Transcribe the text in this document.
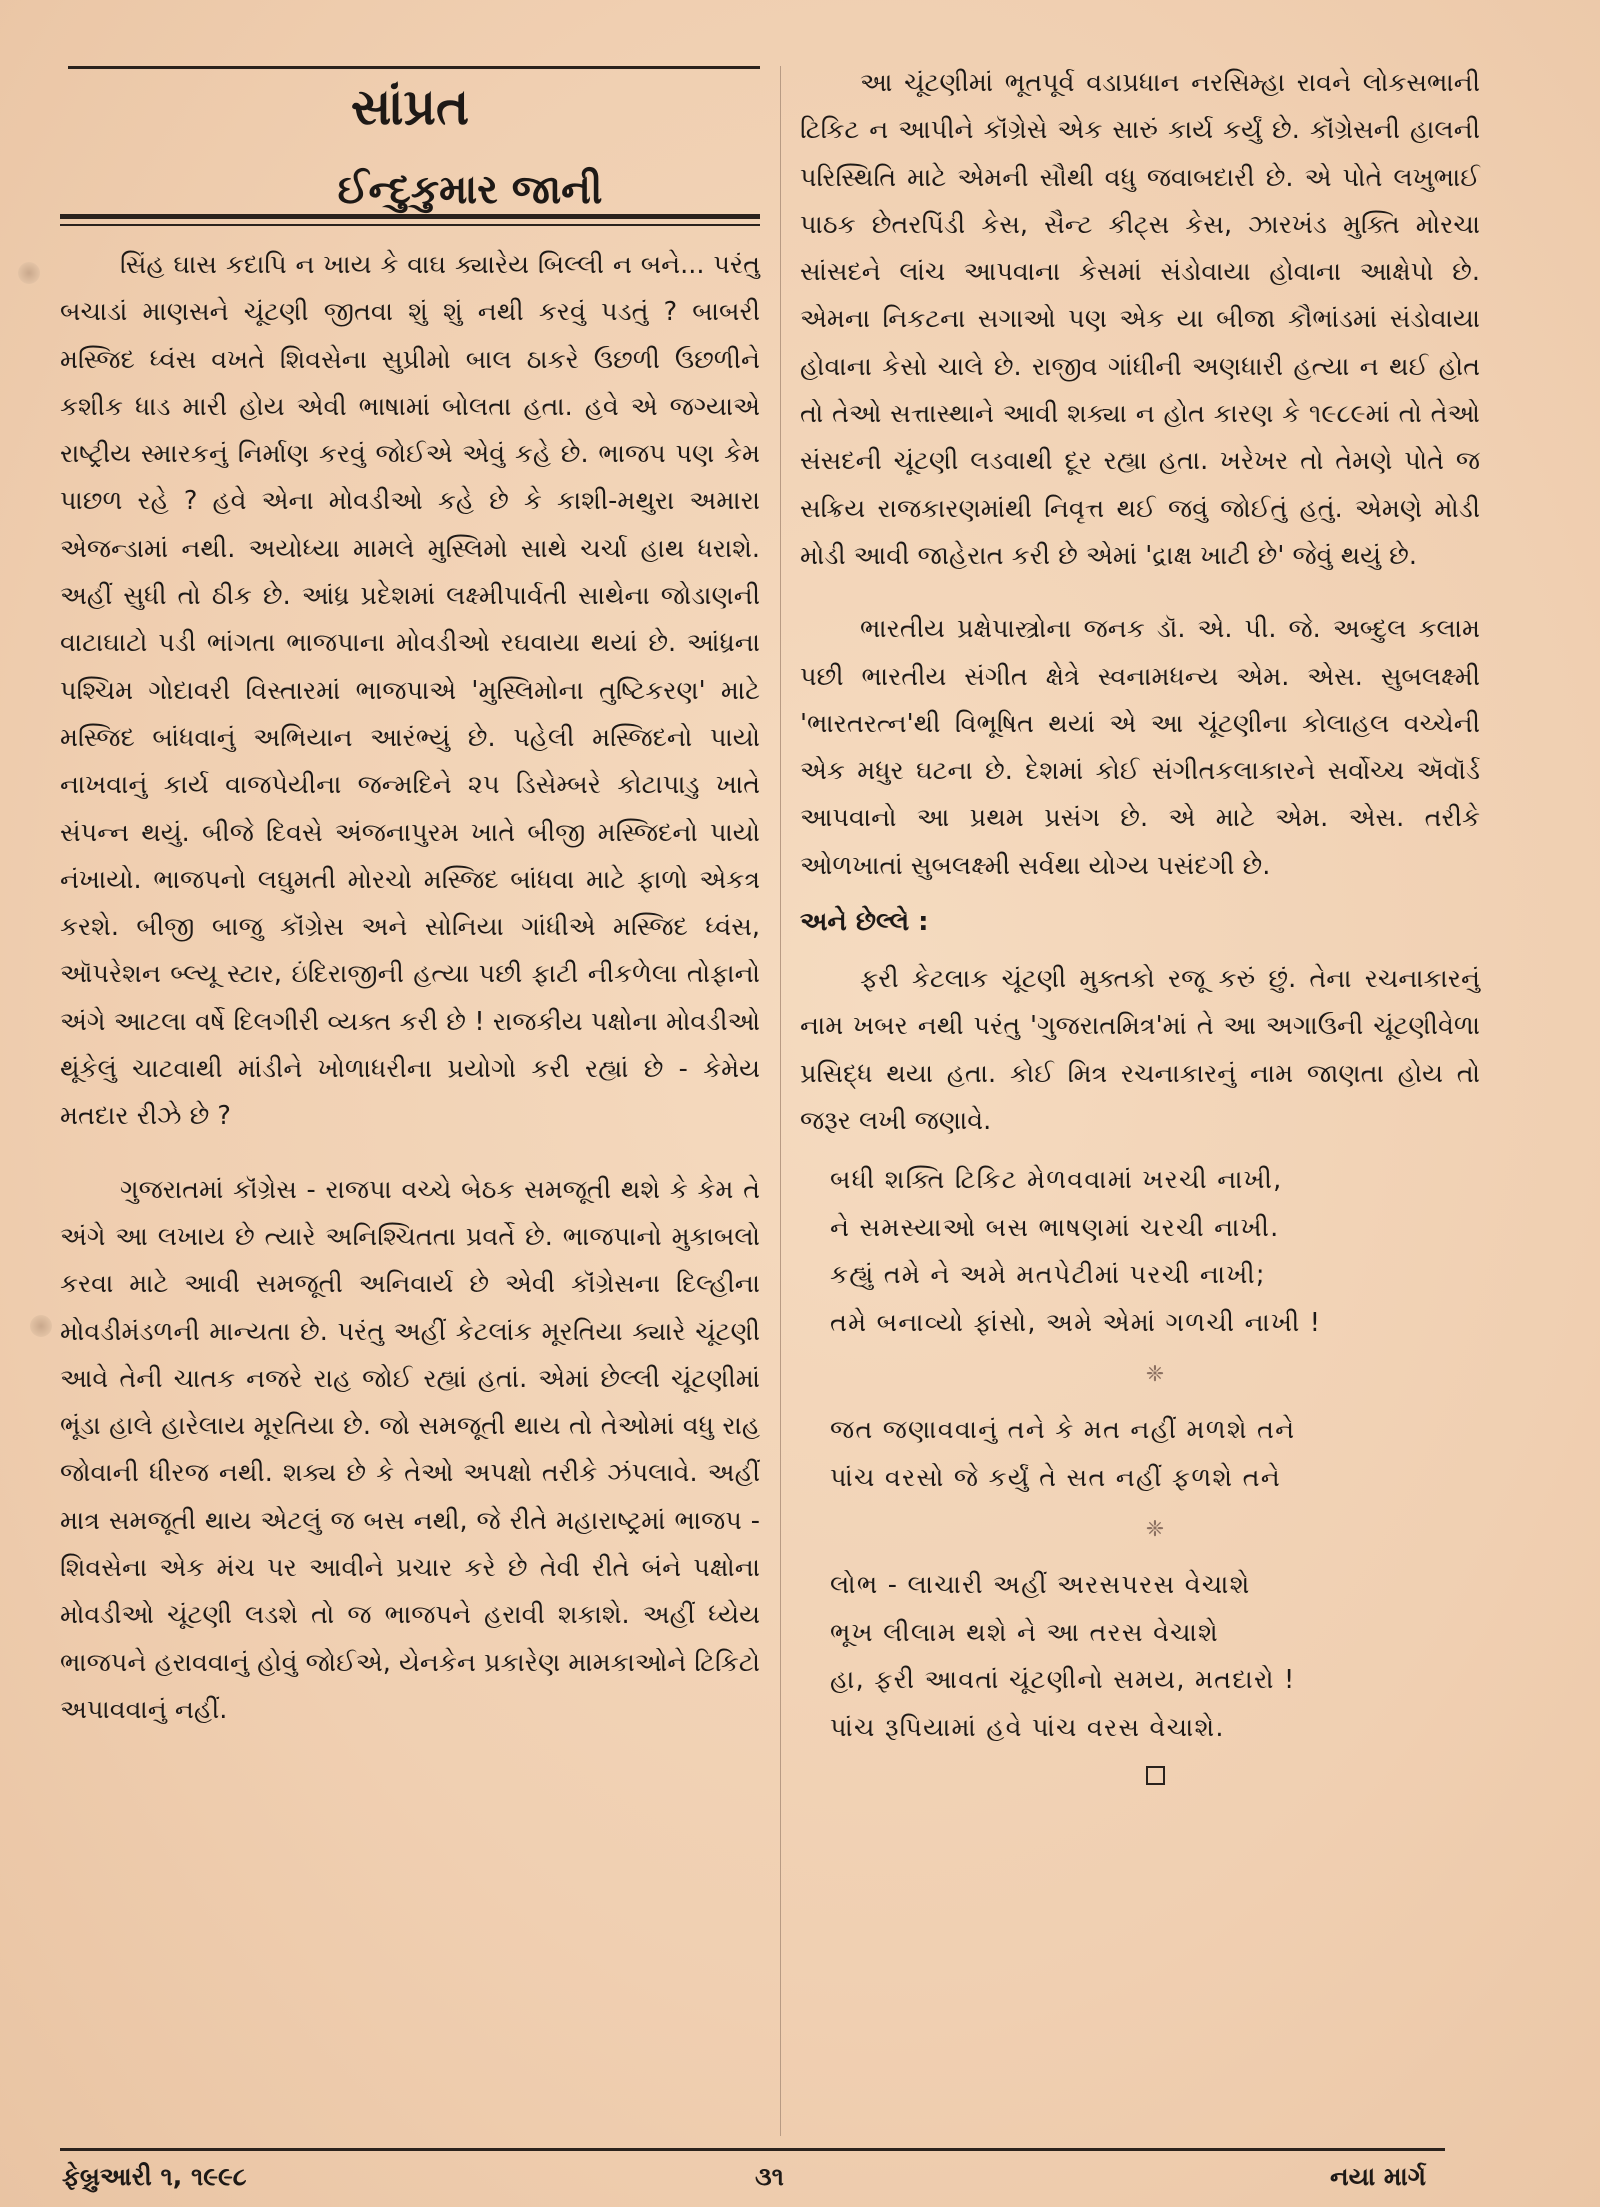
સાંપ્રત
ઈન્દુકુમાર જાની

સિંહ ઘાસ કદાપિ ન ખાય કે વાઘ ક્યારેય બિલ્લી ન બને... પરંતુ બચાડાં માણસને ચૂંટણી જીતવા શું શું નથી કરવું પડતું ? બાબરી મસ્જિદ ધ્વંસ વખતે શિવસેના સુપ્રીમો બાલ ઠાકરે ઉછળી ઉછળીને કશીક ધાડ મારી હોય એવી ભાષામાં બોલતા હતા. હવે એ જગ્યાએ રાષ્ટ્રીય સ્મારકનું નિર્માણ કરવું જોઈએ એવું કહે છે. ભાજપ પણ કેમ પાછળ રહે ? હવે એના મોવડીઓ કહે છે કે કાશી-મથુરા અમારા એજન્ડામાં નથી. અયોધ્યા મામલે મુસ્લિમો સાથે ચર્ચા હાથ ધરાશે. અહીં સુધી તો ઠીક છે. આંધ્ર પ્રદેશમાં લક્ષ્મીપાર્વતી સાથેના જોડાણની વાટાઘાટો પડી ભાંગતા ભાજપાના મોવડીઓ રઘવાયા થયાં છે. આંધ્રના પશ્ચિમ ગોદાવરી વિસ્તારમાં ભાજપાએ 'મુસ્લિમોના તુષ્ટિકરણ' માટે મસ્જિદ બાંધવાનું અભિયાન આરંભ્યું છે. પહેલી મસ્જિદનો પાયો નાખવાનું કાર્ય વાજપેયીના જન્મદિને ૨૫ ડિસેમ્બરે કોટાપાડુ ખાતે સંપન્ન થયું. બીજે દિવસે અંજનાપુરમ ખાતે બીજી મસ્જિદનો પાયો નંખાયો. ભાજપનો લઘુમતી મોરચો મસ્જિદ બાંધવા માટે ફાળો એકત્ર કરશે. બીજી બાજુ કૉંગ્રેસ અને સોનિયા ગાંધીએ મસ્જિદ ધ્વંસ, ઑપરેશન બ્લ્યૂ સ્ટાર, ઇંદિરાજીની હત્યા પછી ફાટી નીકળેલા તોફાનો અંગે આટલા વર્ષે દિલગીરી વ્યક્ત કરી છે ! રાજકીય પક્ષોના મોવડીઓ થૂંકેલું ચાટવાથી માંડીને ખોળાધરીના પ્રયોગો કરી રહ્યાં છે - કેમેય મતદાર રીઝે છે ?

ગુજરાતમાં કૉંગ્રેસ - રાજપા વચ્ચે બેઠક સમજૂતી થશે કે કેમ તે અંગે આ લખાય છે ત્યારે અનિશ્ચિતતા પ્રવર્તે છે. ભાજપાનો મુકાબલો કરવા માટે આવી સમજૂતી અનિવાર્ય છે એવી કૉંગ્રેસના દિલ્હીના મોવડીમંડળની માન્યતા છે. પરંતુ અહીં કેટલાંક મૂરતિયા ક્યારે ચૂંટણી આવે તેની ચાતક નજરે રાહ જોઈ રહ્યાં હતાં. એમાં છેલ્લી ચૂંટણીમાં ભૂંડા હાલે હારેલાય મૂરતિયા છે. જો સમજૂતી થાય તો તેઓમાં વધુ રાહ જોવાની ધીરજ નથી. શક્ય છે કે તેઓ અપક્ષો તરીકે ઝંપલાવે. અહીં માત્ર સમજૂતી થાય એટલું જ બસ નથી, જે રીતે મહારાષ્ટ્રમાં ભાજપ - શિવસેના એક મંચ પર આવીને પ્રચાર કરે છે તેવી રીતે બંને પક્ષોના મોવડીઓ ચૂંટણી લડશે તો જ ભાજપને હરાવી શકાશે. અહીં ધ્યેય ભાજપને હરાવવાનું હોવું જોઈએ, યેનકેન પ્રકારેણ મામકાઓને ટિકિટો અપાવવાનું નહીં.

આ ચૂંટણીમાં ભૂતપૂર્વ વડાપ્રધાન નરસિમ્હા રાવને લોકસભાની ટિકિટ ન આપીને કૉંગ્રેસે એક સારું કાર્ય કર્યું છે. કૉંગ્રેસની હાલની પરિસ્થિતિ માટે એમની સૌથી વધુ જવાબદારી છે. એ પોતે લખુભાઈ પાઠક છેતરપિંડી કેસ, સૈન્ટ કીટ્સ કેસ, ઝારખંડ મુક્તિ મોરચા સાંસદને લાંચ આપવાના કેસમાં સંડોવાયા હોવાના આક્ષેપો છે. એમના નિકટના સગાઓ પણ એક યા બીજા કૌભાંડમાં સંડોવાયા હોવાના કેસો ચાલે છે. રાજીવ ગાંધીની અણધારી હત્યા ન થઈ હોત તો તેઓ સત્તાસ્થાને આવી શક્યા ન હોત કારણ કે ૧૯૮૯માં તો તેઓ સંસદની ચૂંટણી લડવાથી દૂર રહ્યા હતા. ખરેખર તો તેમણે પોતે જ સક્રિય રાજકારણમાંથી નિવૃત્ત થઈ જવું જોઈતું હતું. એમણે મોડી મોડી આવી જાહેરાત કરી છે એમાં 'દ્રાક્ષ ખાટી છે' જેવું થયું છે.

ભારતીય પ્રક્ષેપાસ્ત્રોના જનક ડૉ. એ. પી. જે. અબ્દુલ કલામ પછી ભારતીય સંગીત ક્ષેત્રે સ્વનામધન્ય એમ. એસ. સુબલક્ષ્મી 'ભારતરત્ન'થી વિભૂષિત થયાં એ આ ચૂંટણીના કોલાહલ વચ્ચેની એક મધુર ઘટના છે. દેશમાં કોઈ સંગીતકલાકારને સર્વોચ્ચ ઍવૉર્ડ આપવાનો આ પ્રથમ પ્રસંગ છે. એ માટે એમ. એસ. તરીકે ઓળખાતાં સુબલક્ષ્મી સર્વથા યોગ્ય પસંદગી છે.

અને છેલ્લે :

ફરી કેટલાક ચૂંટણી મુક્તકો રજૂ કરું છું. તેના રચનાકારનું નામ ખબર નથી પરંતુ 'ગુજરાતમિત્ર'માં તે આ અગાઉની ચૂંટણીવેળા પ્રસિદ્ધ થયા હતા. કોઈ મિત્ર રચનાકારનું નામ જાણતા હોય તો જરૂર લખી જણાવે.

બધી શક્તિ ટિકિટ મેળવવામાં ખરચી નાખી,
ને સમસ્યાઓ બસ ભાષણમાં ચરચી નાખી.
કહ્યું તમે ને અમે મતપેટીમાં પરચી નાખી;
તમે બનાવ્યો ફાંસો, અમે એમાં ગળચી નાખી !
❈
જત જણાવવાનું તને કે મત નહીં મળશે તને
પાંચ વરસો જે કર્યું તે સત નહીં ફળશે તને
❈
લોભ - લાચારી અહીં અરસપરસ વેચાશે
ભૂખ લીલામ થશે ને આ તરસ વેચાશે
હા, ફરી આવતાં ચૂંટણીનો સમય, મતદારો !
પાંચ રૂપિયામાં હવે પાંચ વરસ વેચાશે.
ફેબ્રુઆરી ૧, ૧૯૯૮	૩૧	નયા માર્ગ
